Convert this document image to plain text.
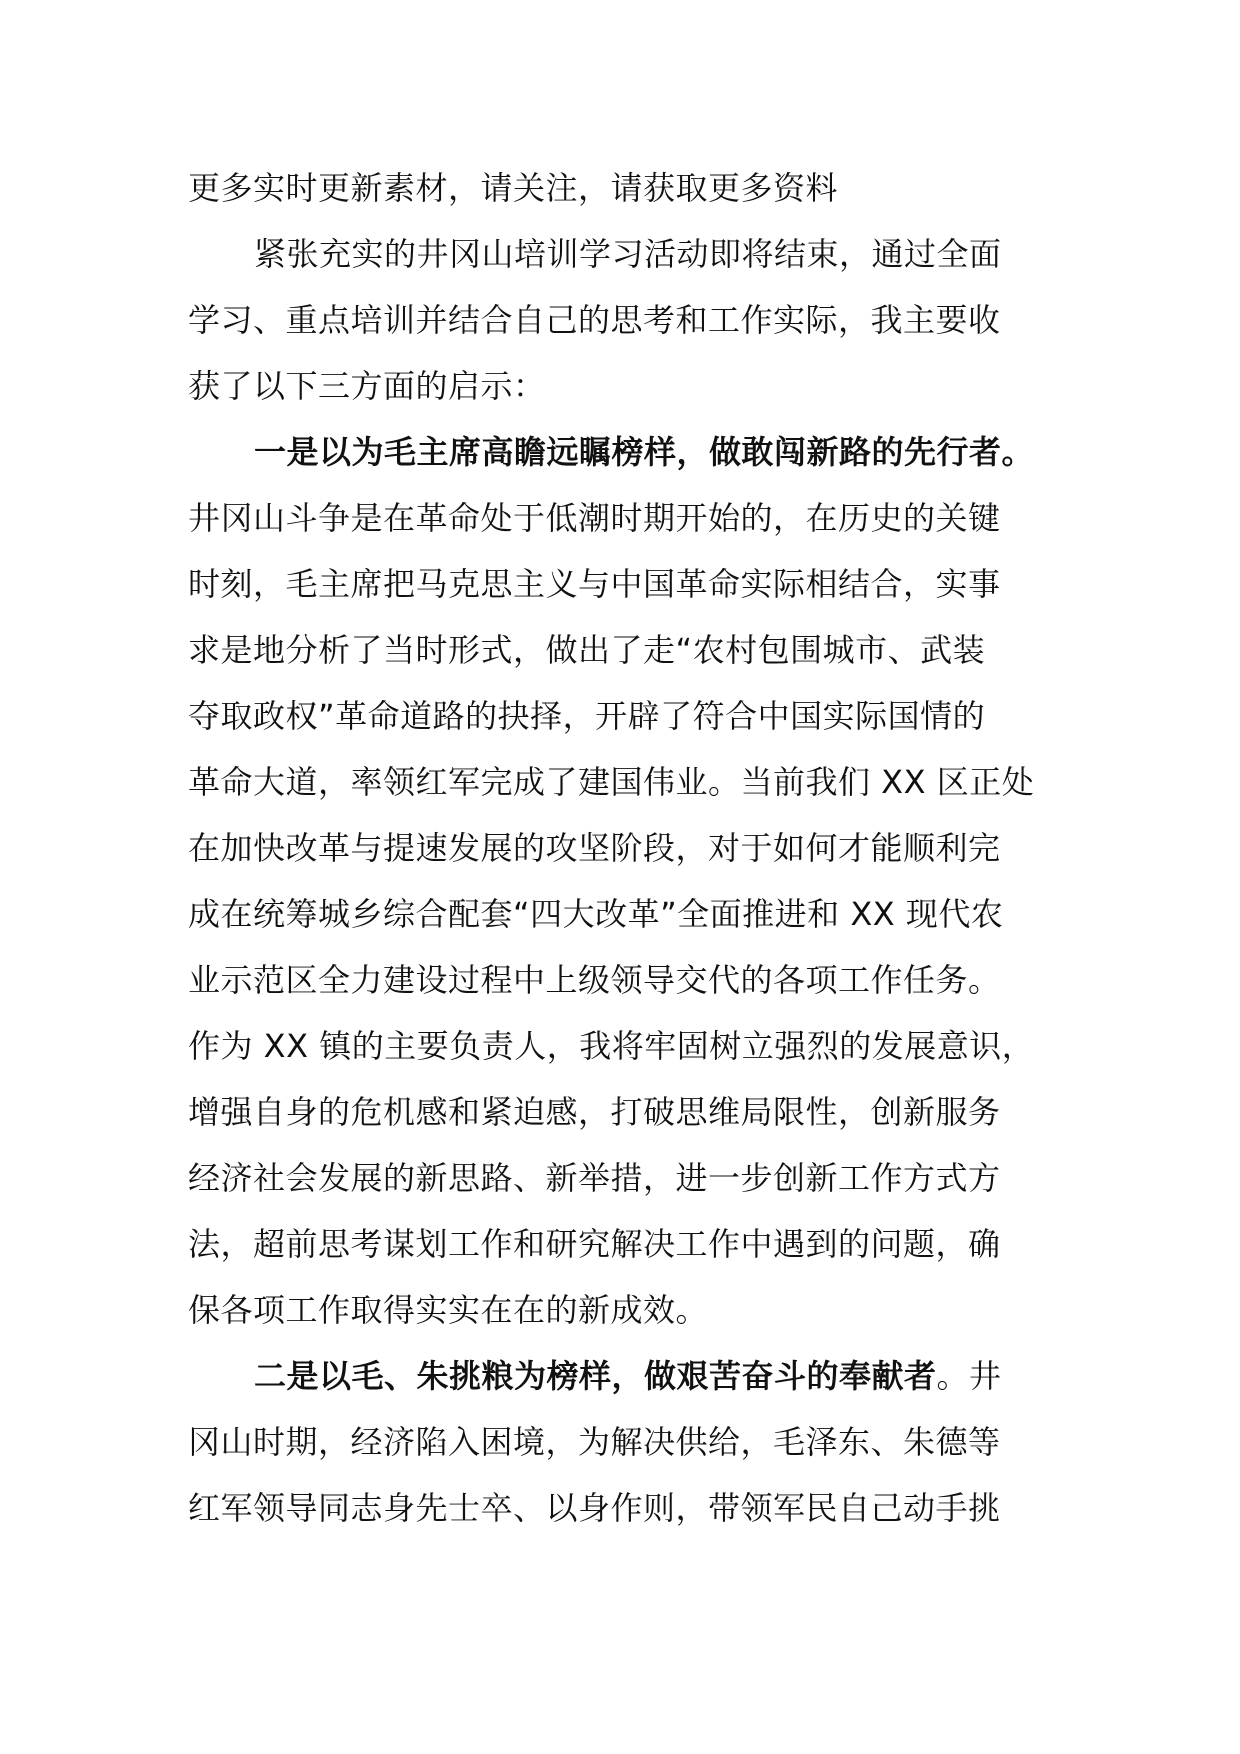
更多实时更新素材，请关注，请获取更多资料
紧张充实的井冈山培训学习活动即将结束，通过全面
学习、重点培训并结合自己的思考和工作实际，我主要收
获了以下三方面的启示：
一是以为毛主席高瞻远瞩榜样，做敢闯新路的先行者。
井冈山斗争是在革命处于低潮时期开始的，在历史的关键
时刻，毛主席把马克思主义与中国革命实际相结合，实事
求是地分析了当时形式，做出了走“农村包围城市、武装
夺取政权”革命道路的抉择，开辟了符合中国实际国情的
革命大道，率领红军完成了建国伟业。当前我们 XX 区正处
在加快改革与提速发展的攻坚阶段，对于如何才能顺利完
成在统筹城乡综合配套“四大改革”全面推进和 XX 现代农
业示范区全力建设过程中上级领导交代的各项工作任务。
作为 XX 镇的主要负责人，我将牢固树立强烈的发展意识，
增强自身的危机感和紧迫感，打破思维局限性，创新服务
经济社会发展的新思路、新举措，进一步创新工作方式方
法，超前思考谋划工作和研究解决工作中遇到的问题，确
保各项工作取得实实在在的新成效。
二是以毛、朱挑粮为榜样，做艰苦奋斗的奉献者。井
冈山时期，经济陷入困境，为解决供给，毛泽东、朱德等
红军领导同志身先士卒、以身作则，带领军民自己动手挑
